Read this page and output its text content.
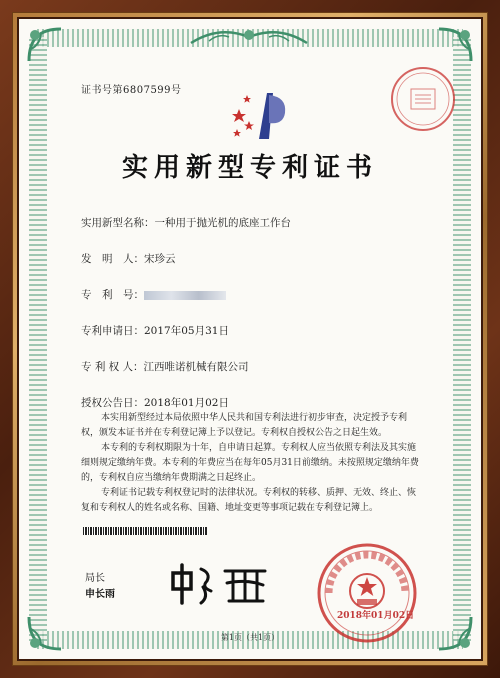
证书号第6807599号
实用新型专利证书
实用新型名称：一种用于抛光机的底座工作台
发　明　人：宋珍云
专　利　号：
专利申请日：2017年05月31日
专 利 权 人：江西唯诺机械有限公司
授权公告日：2018年01月02日
本实用新型经过本局依照中华人民共和国专利法进行初步审查，决定授予专利权，颁发本证书并在专利登记簿上予以登记。专利权自授权公告之日起生效。
本专利的专利权期限为十年，自申请日起算。专利权人应当依照专利法及其实施细则规定缴纳年费。本专利的年费应当在每年05月31日前缴纳。未按照规定缴纳年费的，专利权自应当缴纳年费期满之日起终止。
专利证书记载专利权登记时的法律状况。专利权的转移、质押、无效、终止、恢复和专利权人的姓名或名称、国籍、地址变更等事项记载在专利登记簿上。
局长
申长雨
2018年01月02日
第1页（共1页）
